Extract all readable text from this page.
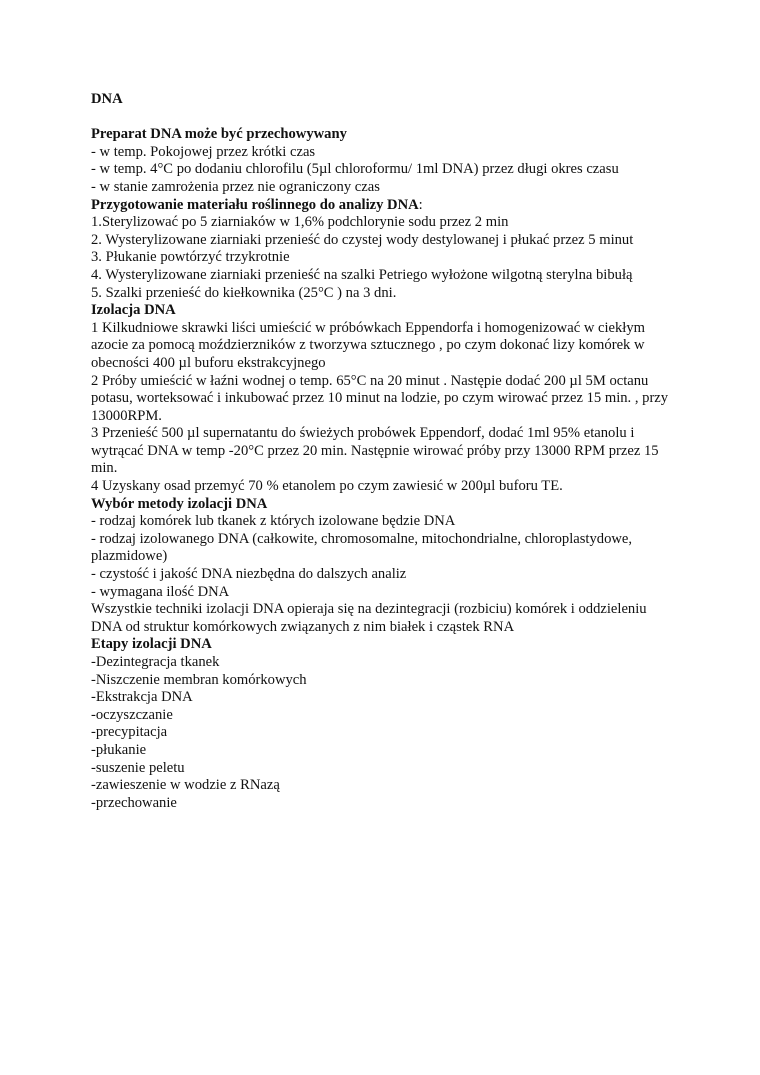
DNA

Preparat DNA może być przechowywany

- w temp. Pokojowej przez krótki czas

- w temp. 4°C po dodaniu chlorofilu (5µl chloroformu/ 1ml DNA) przez długi okres czasu

- w stanie zamrożenia przez nie ograniczony czas

Przygotowanie materiału roślinnego do analizy DNA:

1.Sterylizować po 5 ziarniaków w 1,6% podchlorynie sodu przez 2 min

2. Wysterylizowane ziarniaki przenieść do czystej wody destylowanej i płukać przez 5 minut

3. Płukanie powtórzyć trzykrotnie

4. Wysterylizowane ziarniaki przenieść na szalki Petriego wyłożone wilgotną sterylna bibułą

5. Szalki przenieść do kiełkownika (25°C ) na 3 dni.

Izolacja DNA

1 Kilkudniowe skrawki liści umieścić w próbówkach Eppendorfa i homogenizować w ciekłym azocie za pomocą moździerzników z tworzywa sztucznego , po czym dokonać lizy komórek w obecności 400 µl buforu ekstrakcyjnego

2 Próby umieścić w łaźni wodnej o temp. 65°C na 20 minut . Następie dodać 200 µl 5M octanu potasu, worteksować i inkubować przez 10 minut na lodzie, po czym wirować przez 15 min. , przy 13000RPM.

3 Przenieść 500 µl supernatantu do świeżych probówek Eppendorf, dodać 1ml 95% etanolu i wytrącać DNA w temp -20°C przez 20 min. Następnie wirować próby przy 13000 RPM przez 15 min.

4 Uzyskany osad przemyć 70 % etanolem po czym zawiesić w 200µl buforu TE.

Wybór metody izolacji DNA

- rodzaj komórek lub tkanek z których izolowane będzie DNA

- rodzaj izolowanego DNA (całkowite, chromosomalne, mitochondrialne, chloroplastydowe, plazmidowe)

- czystość i jakość DNA niezbędna do dalszych analiz

- wymagana ilość DNA

Wszystkie techniki izolacji DNA opieraja się na dezintegracji (rozbiciu) komórek i oddzieleniu DNA od struktur komórkowych związanych z nim białek i cząstek RNA

Etapy izolacji DNA

-Dezintegracja tkanek

-Niszczenie membran komórkowych

-Ekstrakcja DNA

-oczyszczanie

-precypitacja

-płukanie

-suszenie peletu

-zawieszenie w wodzie z RNazą

-przechowanie
